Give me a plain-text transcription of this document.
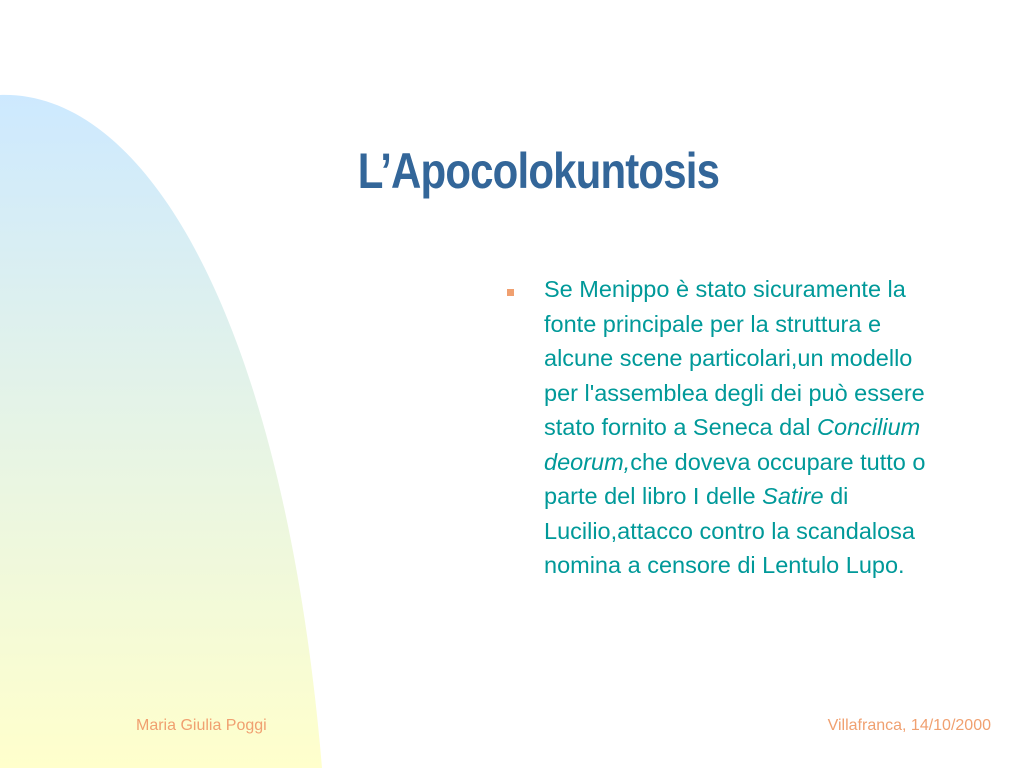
L’Apocolokuntosis

Se Menippo è stato sicuramente la fonte principale per la struttura e alcune scene particolari,un modello per l'assemblea degli dei può essere stato fornito a Seneca dal Concilium deorum,che doveva occupare tutto o parte del libro I delle Satire di Lucilio,attacco contro la scandalosa nomina a censore di Lentulo Lupo.

Maria Giulia Poggi	Villafranca, 14/10/2000
